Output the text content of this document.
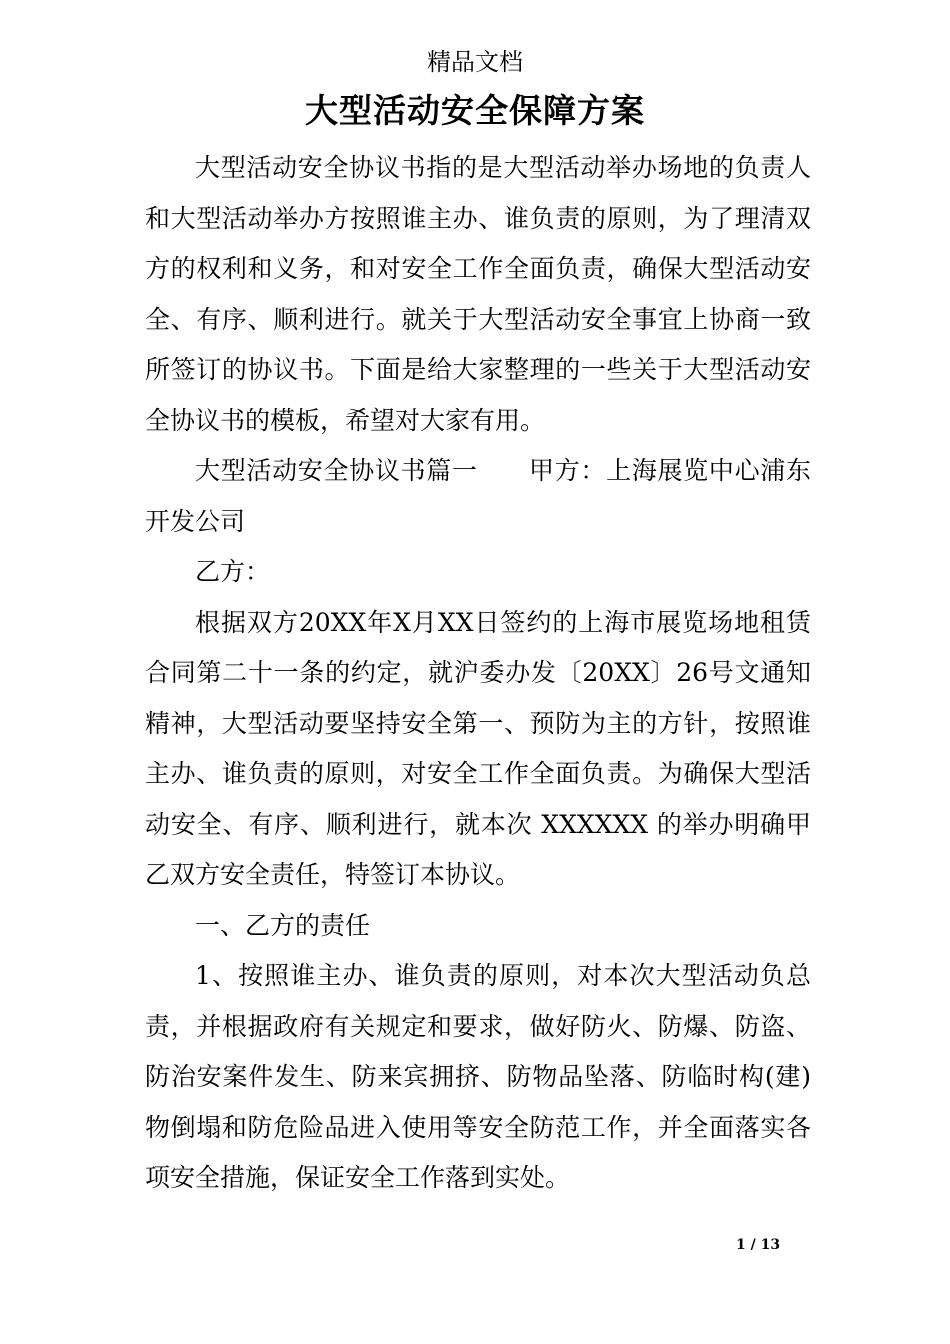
精品文档
大型活动安全保障方案

大型活动安全协议书指的是大型活动举办场地的负责人和大型活动举办方按照谁主办、谁负责的原则，为了理清双方的权利和义务，和对安全工作全面负责，确保大型活动安全、有序、顺利进行。就关于大型活动安全事宜上协商一致所签订的协议书。下面是给大家整理的一些关于大型活动安全协议书的模板，希望对大家有用。

大型活动安全协议书篇一　　甲方：上海展览中心浦东开发公司

乙方：

根据双方20XX年X月XX日签约的上海市展览场地租赁合同第二十一条的约定，就沪委办发〔20XX〕26号文通知精神，大型活动要坚持安全第一、预防为主的方针，按照谁主办、谁负责的原则，对安全工作全面负责。为确保大型活动安全、有序、顺利进行，就本次 XXXXXX 的举办明确甲乙双方安全责任，特签订本协议。

一、乙方的责任

1、按照谁主办、谁负责的原则，对本次大型活动负总责，并根据政府有关规定和要求，做好防火、防爆、防盗、防治安案件发生、防来宾拥挤、防物品坠落、防临时构(建)物倒塌和防危险品进入使用等安全防范工作，并全面落实各项安全措施，保证安全工作落到实处。

1 / 13
